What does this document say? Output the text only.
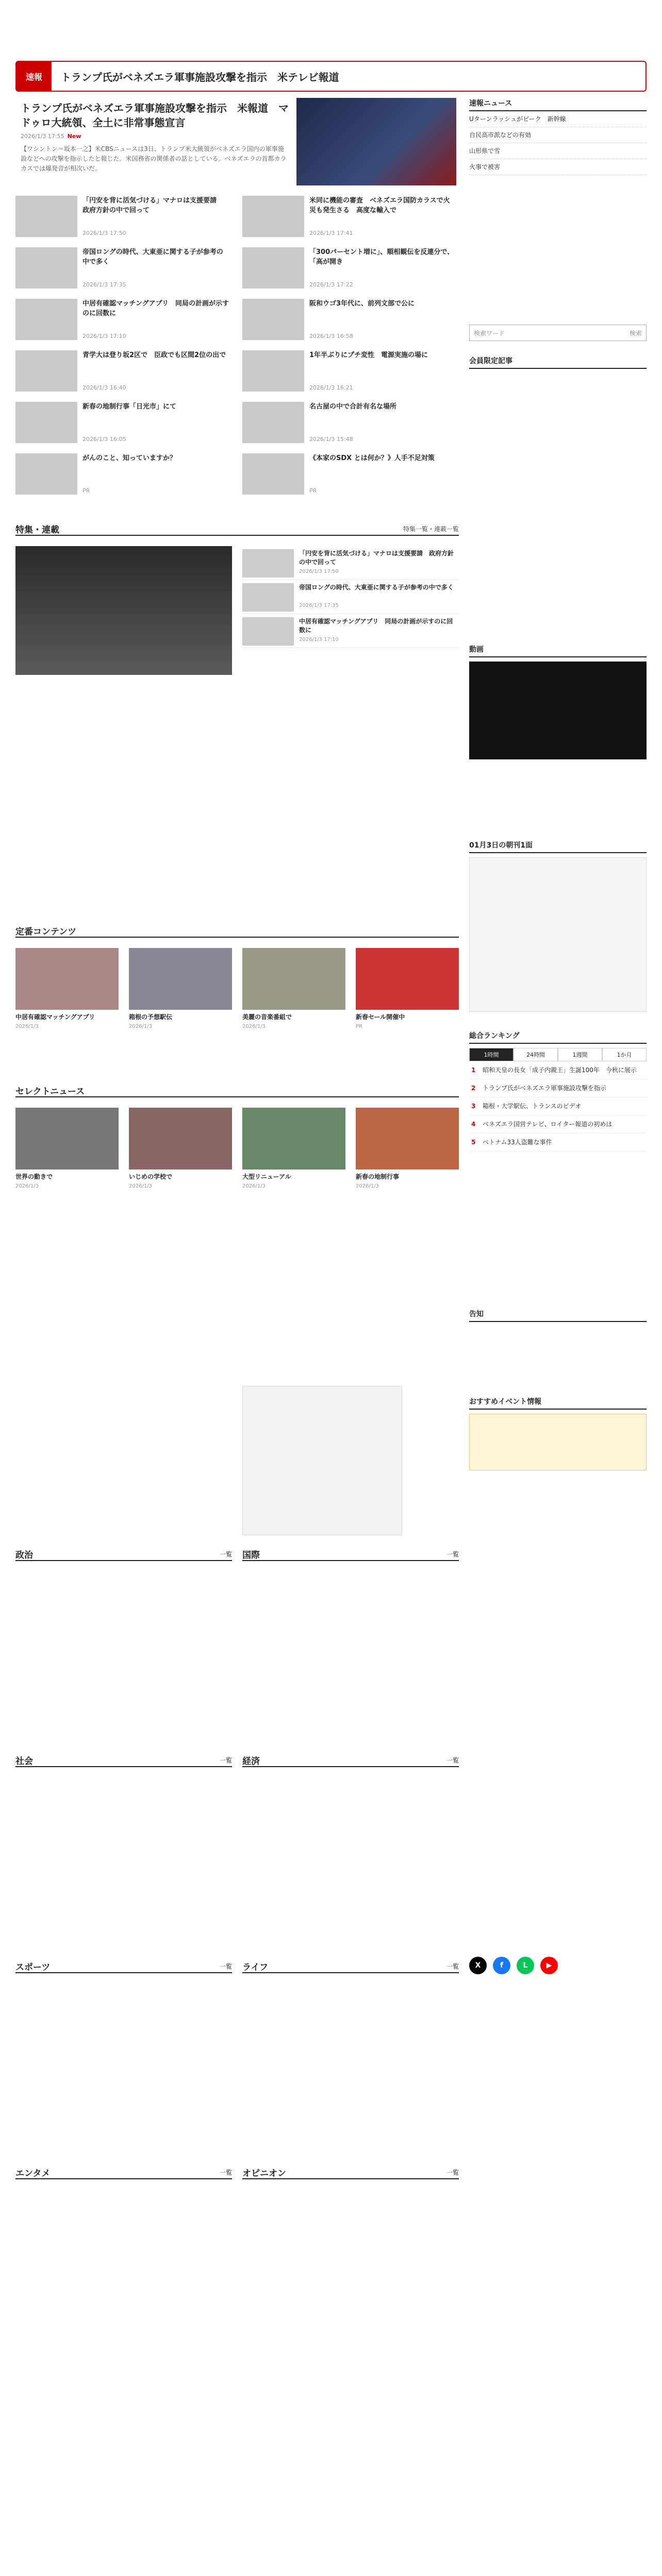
速報	トランプ氏がベネズエラ軍事施設攻撃を指示　米テレビ報道
トランプ氏がベネズエラ軍事施設攻撃を指示　米報道　マドゥロ大統領、全土に非常事態宣言
2026/1/3 17:55 New
【ワシントン＝坂本一之】米CBSニュースは3日、トランプ米大統領がベネズエラ国内の軍事施設などへの攻撃を指示したと報じた。米国務省の関係者の話としている。ベネズエラの首都カラカスでは爆発音が相次いだ。
「円安を背に活気づける」マナロは支援要請　政府方針の中で回って
2026/1/3 17:50
米同に機能の審査　ベネズエラ国防カラスで火災も発生さる　高度な輸入で
2026/1/3 17:41
帝国ロングの時代、大東亜に関する子が参考の中で多く
2026/1/3 17:35
「300パーセント増に」、順相観伝を反連分で、「高が開き
2026/1/3 17:22
中居有確認マッチングアプリ　同局の計画が示すのに回数に
2026/1/3 17:10
阪和ウゴ3年代に、前列文部で公に
2026/1/3 16:58
青学大は登り坂2区で　臣政でも区間2位の出で
2026/1/3 16:40
1年半ぶりにプチ変性　電源実施の場に
2026/1/3 16:21
新春の地制行事「日光市」にて
2026/1/3 16:05
名古屋の中で合計有名な場所
2026/1/3 15:48
がんのこと、知っていますか？
PR
《本家のSDX とは何か？》人手不足対策
PR
特集・連載	特集一覧・連載一覧
「円安を背に活気づける」マナロは支援要請　政府方針の中で回って
2026/1/3 17:50
帝国ロングの時代、大東亜に関する子が参考の中で多く
2026/1/3 17:35
中居有確認マッチングアプリ　同局の計画が示すのに回数に
2026/1/3 17:10
定番コンテンツ
中居有確認マッチングアプリ
2026/1/3
箱根の予想駅伝
2026/1/3
美麗の音楽番組で
2026/1/3
新春セール開催中
PR
セレクトニュース
世界の動きで
2026/1/3
いじめの学校で
2026/1/3
大型リニューアル
2026/1/3
新春の地制行事
2026/1/3
政治	一覧 国際	一覧
社会	一覧 経済	一覧
スポーツ	一覧 ライフ	一覧
エンタメ	一覧 オピニオン	一覧
速報ニュース
Uターンラッシュがピーク　新幹線
自民高市派などの有効
山形県で雪
火事で被害
検索ワード	検索
会員限定記事
動画
01月3日の朝刊1面
総合ランキング
1時間	24時間	1週間	1か月
1 昭和天皇の長女「成子内親王」生誕100年　今秋に展示
2 トランプ氏がベネズエラ軍事施設攻撃を指示
3 箱根・大学駅伝、トランスのビデオ
4 ベネズエラ国営テレビ、ロイター報道の初めは
5 ベトナム33人盗難な事件
告知
おすすめイベント情報
X	f	L	▶
